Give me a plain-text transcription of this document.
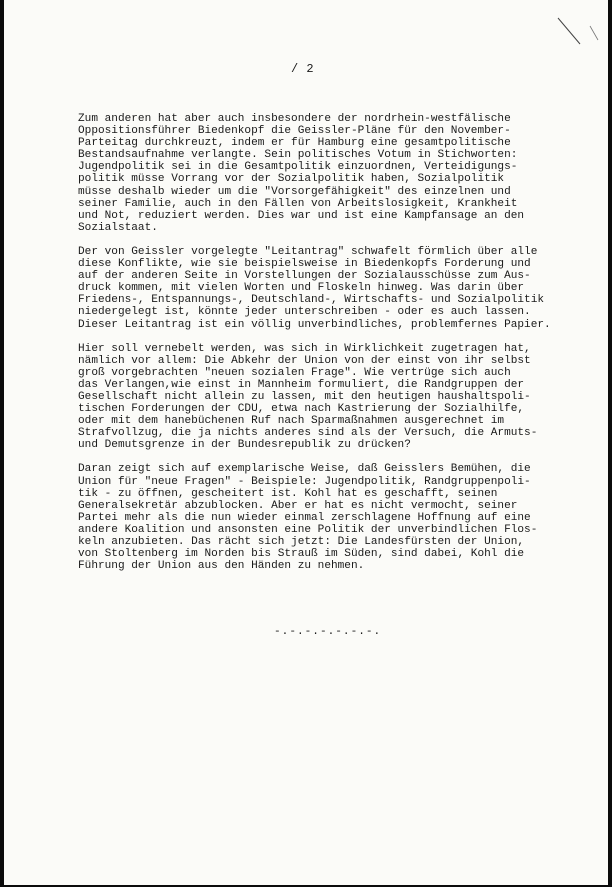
/ 2
Zum anderen hat aber auch insbesondere der nordrhein-westfälische
Oppositionsführer Biedenkopf die Geissler-Pläne für den November-
Parteitag durchkreuzt, indem er für Hamburg eine gesamtpolitische
Bestandsaufnahme verlangte. Sein politisches Votum in Stichworten:
Jugendpolitik sei in die Gesamtpolitik einzuordnen, Verteidigungs-
politik müsse Vorrang vor der Sozialpolitik haben, Sozialpolitik
müsse deshalb wieder um die "Vorsorgefähigkeit" des einzelnen und
seiner Familie, auch in den Fällen von Arbeitslosigkeit, Krankheit
und Not, reduziert werden. Dies war und ist eine Kampfansage an den
Sozialstaat.
Der von Geissler vorgelegte "Leitantrag" schwafelt förmlich über alle
diese Konflikte, wie sie beispielsweise in Biedenkopfs Forderung und
auf der anderen Seite in Vorstellungen der Sozialausschüsse zum Aus-
druck kommen, mit vielen Worten und Floskeln hinweg. Was darin über
Friedens-, Entspannungs-, Deutschland-, Wirtschafts- und Sozialpolitik
niedergelegt ist, könnte jeder unterschreiben - oder es auch lassen.
Dieser Leitantrag ist ein völlig unverbindliches, problemfernes Papier.
Hier soll vernebelt werden, was sich in Wirklichkeit zugetragen hat,
nämlich vor allem: Die Abkehr der Union von der einst von ihr selbst
groß vorgebrachten "neuen sozialen Frage". Wie vertrüge sich auch
das Verlangen,wie einst in Mannheim formuliert, die Randgruppen der
Gesellschaft nicht allein zu lassen, mit den heutigen haushaltspoli-
tischen Forderungen der CDU, etwa nach Kastrierung der Sozialhilfe,
oder mit dem hanebüchenen Ruf nach Sparmaßnahmen ausgerechnet im
Strafvollzug, die ja nichts anderes sind als der Versuch, die Armuts-
und Demutsgrenze in der Bundesrepublik zu drücken?
Daran zeigt sich auf exemplarische Weise, daß Geisslers Bemühen, die
Union für "neue Fragen" - Beispiele: Jugendpolitik, Randgruppenpoli-
tik - zu öffnen, gescheitert ist. Kohl hat es geschafft, seinen
Generalsekretär abzublocken. Aber er hat es nicht vermocht, seiner
Partei mehr als die nun wieder einmal zerschlagene Hoffnung auf eine
andere Koalition und ansonsten eine Politik der unverbindlichen Flos-
keln anzubieten. Das rächt sich jetzt: Die Landesfürsten der Union,
von Stoltenberg im Norden bis Strauß im Süden, sind dabei, Kohl die
Führung der Union aus den Händen zu nehmen.
-.-.-.-.-.-.-.
